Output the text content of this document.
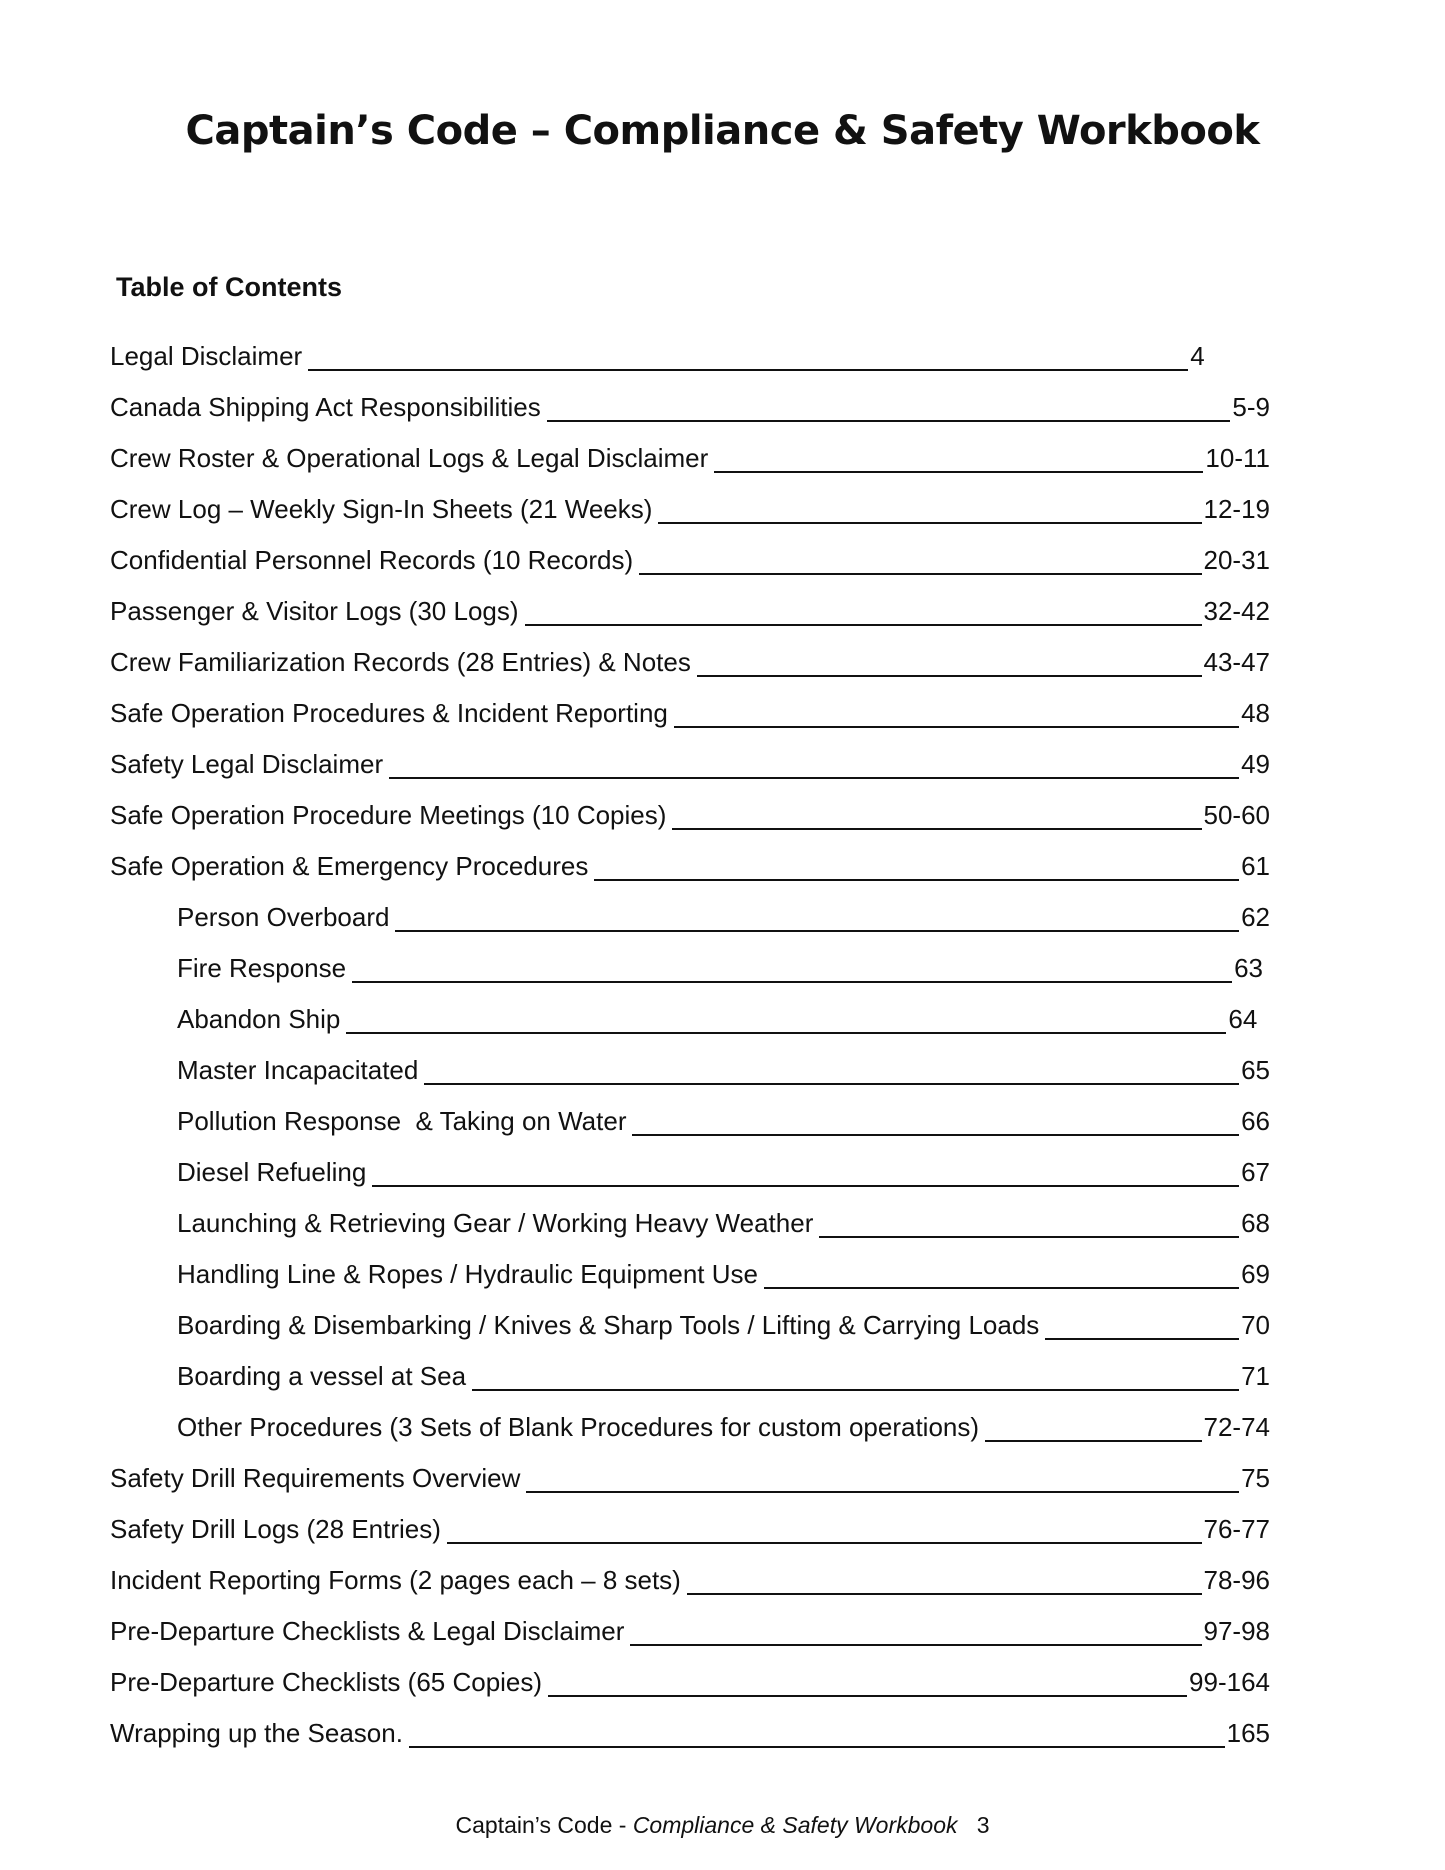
Captain’s Code – Compliance & Safety Workbook
Table of Contents
Legal Disclaimer	4
Canada Shipping Act Responsibilities	5-9
Crew Roster & Operational Logs & Legal Disclaimer	10-11
Crew Log – Weekly Sign-In Sheets (21 Weeks)	12-19
Confidential Personnel Records (10 Records)	20-31
Passenger & Visitor Logs (30 Logs)	32-42
Crew Familiarization Records (28 Entries) & Notes	43-47
Safe Operation Procedures & Incident Reporting	48
Safety Legal Disclaimer	49
Safe Operation Procedure Meetings (10 Copies)	50-60
Safe Operation & Emergency Procedures	61
Person Overboard	62
Fire Response	63
Abandon Ship	64
Master Incapacitated	65
Pollution Response  & Taking on Water	66
Diesel Refueling	67
Launching & Retrieving Gear / Working Heavy Weather	68
Handling Line & Ropes / Hydraulic Equipment Use	69
Boarding & Disembarking / Knives & Sharp Tools / Lifting & Carrying Loads	70
Boarding a vessel at Sea	71
Other Procedures (3 Sets of Blank Procedures for custom operations)	72-74
Safety Drill Requirements Overview	75
Safety Drill Logs (28 Entries)	76-77
Incident Reporting Forms (2 pages each – 8 sets)	78-96
Pre-Departure Checklists & Legal Disclaimer	97-98
Pre-Departure Checklists (65 Copies)	99-164
Wrapping up the Season.	165

Captain’s Code - Compliance & Safety Workbook 3
